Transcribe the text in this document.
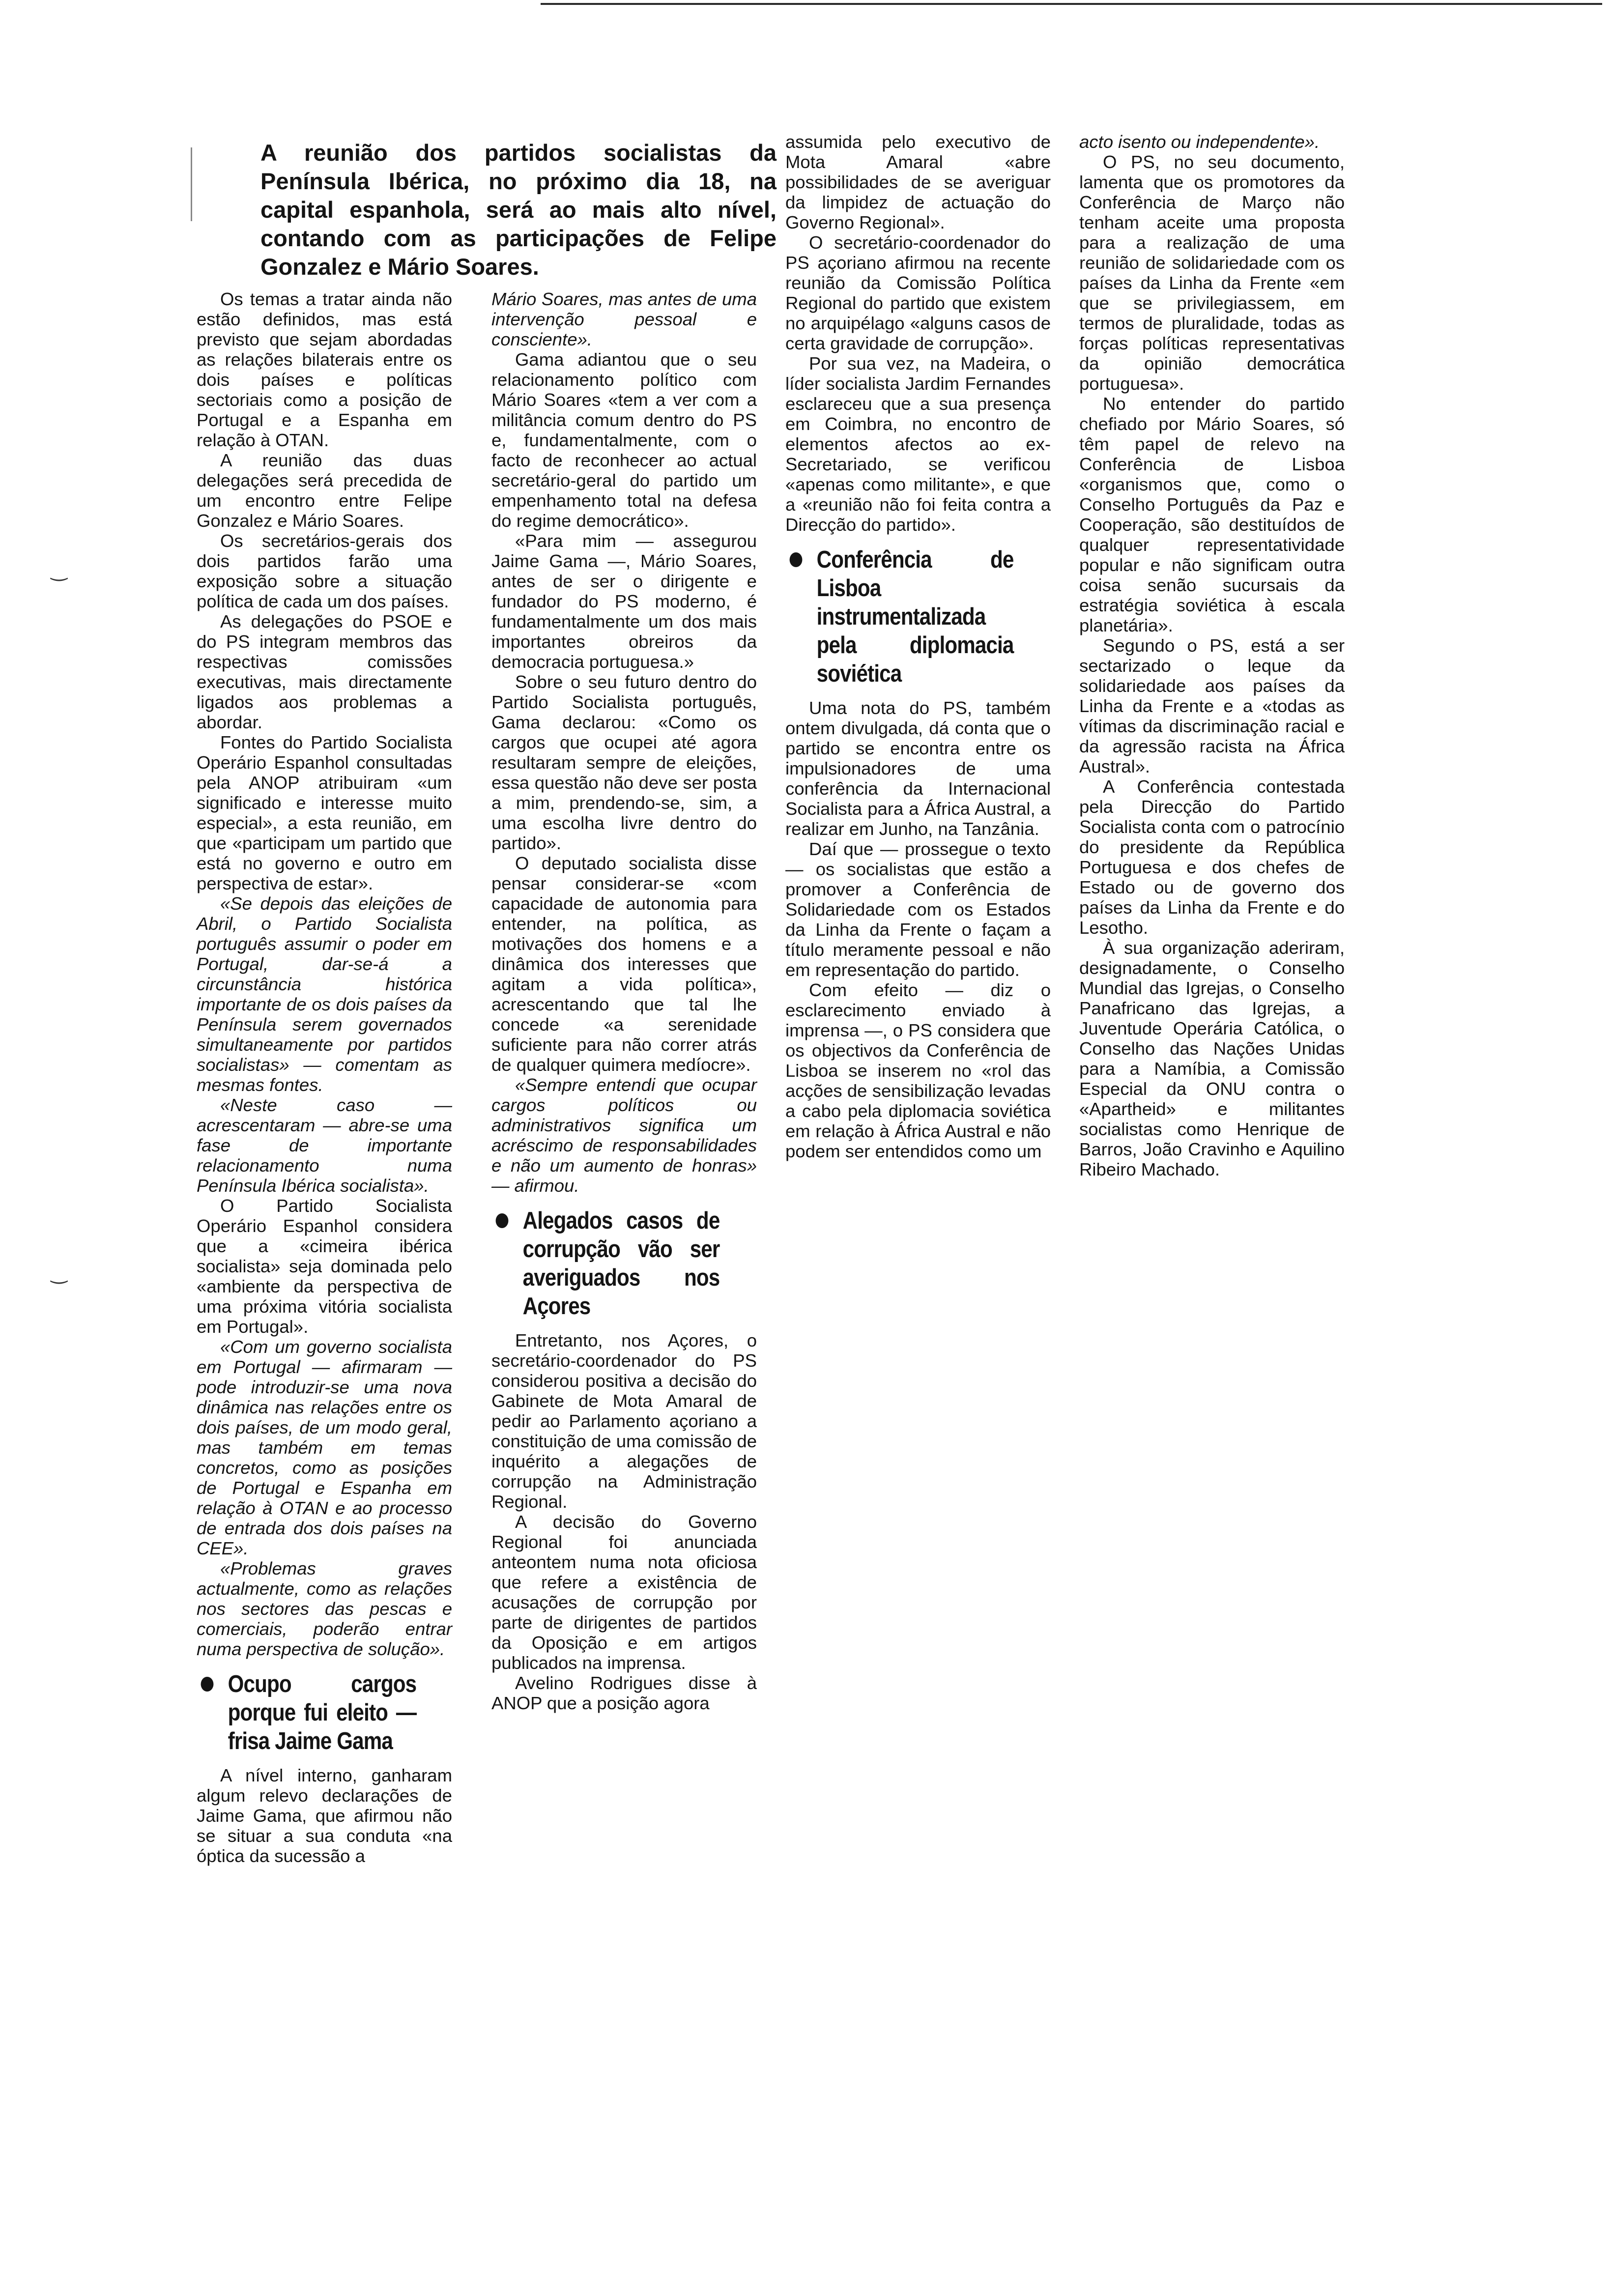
‿
‿
A reunião dos partidos socialistas da Península Ibérica, no próximo dia 18, na capital espanhola, será ao mais alto nível, contando com as participações de Felipe Gonzalez e Mário Soares.

Os temas a tratar ainda não estão definidos, mas está previsto que sejam abordadas as relações bilaterais entre os dois países e políticas sectoriais como a posição de Portugal e a Espanha em relação à OTAN.

A reunião das duas delegações será precedida de um encontro entre Felipe Gonzalez e Mário Soares.

Os secretários-gerais dos dois partidos farão uma exposição sobre a situação política de cada um dos países.

As delegações do PSOE e do PS integram membros das respectivas comissões executivas, mais directamente ligados aos problemas a abordar.

Fontes do Partido Socialista Operário Espanhol consultadas pela ANOP atribuiram «um significado e interesse muito especial», a esta reunião, em que «participam um partido que está no governo e outro em perspectiva de estar».

«Se depois das eleições de Abril, o Partido Socialista português assumir o poder em Portugal, dar-se-á a circunstância histórica importante de os dois países da Península serem governados simultaneamente por partidos socialistas» — comentam as mesmas fontes.

«Neste caso — acrescentaram — abre-se uma fase de importante relacionamento numa Península Ibérica socialista».

O Partido Socialista Operário Espanhol considera que a «cimeira ibérica socialista» seja dominada pelo «ambiente da perspectiva de uma próxima vitória socialista em Portugal».

«Com um governo socialista em Portugal — afirmaram — pode introduzir-se uma nova dinâmica nas relações entre os dois países, de um modo geral, mas também em temas concretos, como as posições de Portugal e Espanha em relação à OTAN e ao processo de entrada dos dois países na CEE».

«Problemas graves actualmente, como as relações nos sectores das pescas e comerciais, poderão entrar numa perspectiva de solução».

Ocupo cargos porque fui eleito — frisa Jaime Gama

A nível interno, ganharam algum relevo declarações de Jaime Gama, que afirmou não se situar a sua conduta «na óptica da sucessão a

Mário Soares, mas antes de uma intervenção pessoal e consciente».

Gama adiantou que o seu relacionamento político com Mário Soares «tem a ver com a militância comum dentro do PS e, fundamentalmente, com o facto de reconhecer ao actual secretário-geral do partido um empenhamento total na defesa do regime democrático».

«Para mim — assegurou Jaime Gama —, Mário Soares, antes de ser o dirigente e fundador do PS moderno, é fundamentalmente um dos mais importantes obreiros da democracia portuguesa.»

Sobre o seu futuro dentro do Partido Socialista português, Gama declarou: «Como os cargos que ocupei até agora resultaram sempre de eleições, essa questão não deve ser posta a mim, prendendo-se, sim, a uma escolha livre dentro do partido».

O deputado socialista disse pensar considerar-se «com capacidade de autonomia para entender, na política, as motivações dos homens e a dinâmica dos interesses que agitam a vida política», acrescentando que tal lhe concede «a serenidade suficiente para não correr atrás de qualquer quimera medíocre».

«Sempre entendi que ocupar cargos políticos ou administrativos significa um acréscimo de responsabilidades e não um aumento de honras» — afirmou.

Alegados casos de corrupção vão ser averiguados nos Açores

Entretanto, nos Açores, o secretário-coordenador do PS considerou positiva a decisão do Gabinete de Mota Amaral de pedir ao Parlamento açoriano a constituição de uma comissão de inquérito a alegações de corrupção na Administração Regional.

A decisão do Governo Regional foi anunciada anteontem numa nota oficiosa que refere a existência de acusações de corrupção por parte de dirigentes de partidos da Oposição e em artigos publicados na imprensa.

Avelino Rodrigues disse à ANOP que a posição agora

assumida pelo executivo de Mota Amaral «abre possibilidades de se averiguar da limpidez de actuação do Governo Regional».

O secretário-coordenador do PS açoriano afirmou na recente reunião da Comissão Política Regional do partido que existem no arquipélago «alguns casos de certa gravidade de corrupção».

Por sua vez, na Madeira, o líder socialista Jardim Fernandes esclareceu que a sua presença em Coimbra, no encontro de elementos afectos ao ex-Secretariado, se verificou «apenas como militante», e que a «reunião não foi feita contra a Direcção do partido».

Conferência de Lisboa instrumentalizada pela diplomacia soviética

Uma nota do PS, também ontem divulgada, dá conta que o partido se encontra entre os impulsionadores de uma conferência da Internacional Socialista para a África Austral, a realizar em Junho, na Tanzânia.

Daí que — prossegue o texto — os socialistas que estão a promover a Conferência de Solidariedade com os Estados da Linha da Frente o façam a título meramente pessoal e não em representação do partido.

Com efeito — diz o esclarecimento enviado à imprensa —, o PS considera que os objectivos da Conferência de Lisboa se inserem no «rol das acções de sensibilização levadas a cabo pela diplomacia soviética em relação à África Austral e não podem ser entendidos como um

acto isento ou independente».

O PS, no seu documento, lamenta que os promotores da Conferência de Março não tenham aceite uma proposta para a realização de uma reunião de solidariedade com os países da Linha da Frente «em que se privilegiassem, em termos de pluralidade, todas as forças políticas representativas da opinião democrática portuguesa».

No entender do partido chefiado por Mário Soares, só têm papel de relevo na Conferência de Lisboa «organismos que, como o Conselho Português da Paz e Cooperação, são destituídos de qualquer representatividade popular e não significam outra coisa senão sucursais da estratégia soviética à escala planetária».

Segundo o PS, está a ser sectarizado o leque da solidariedade aos países da Linha da Frente e a «todas as vítimas da discriminação racial e da agressão racista na África Austral».

A Conferência contestada pela Direcção do Partido Socialista conta com o patrocínio do presidente da República Portuguesa e dos chefes de Estado ou de governo dos países da Linha da Frente e do Lesotho.

À sua organização aderiram, designadamente, o Conselho Mundial das Igrejas, o Conselho Panafricano das Igrejas, a Juventude Operária Católica, o Conselho das Nações Unidas para a Namíbia, a Comissão Especial da ONU contra o «Apartheid» e militantes socialistas como Henrique de Barros, João Cravinho e Aquilino Ribeiro Machado.
